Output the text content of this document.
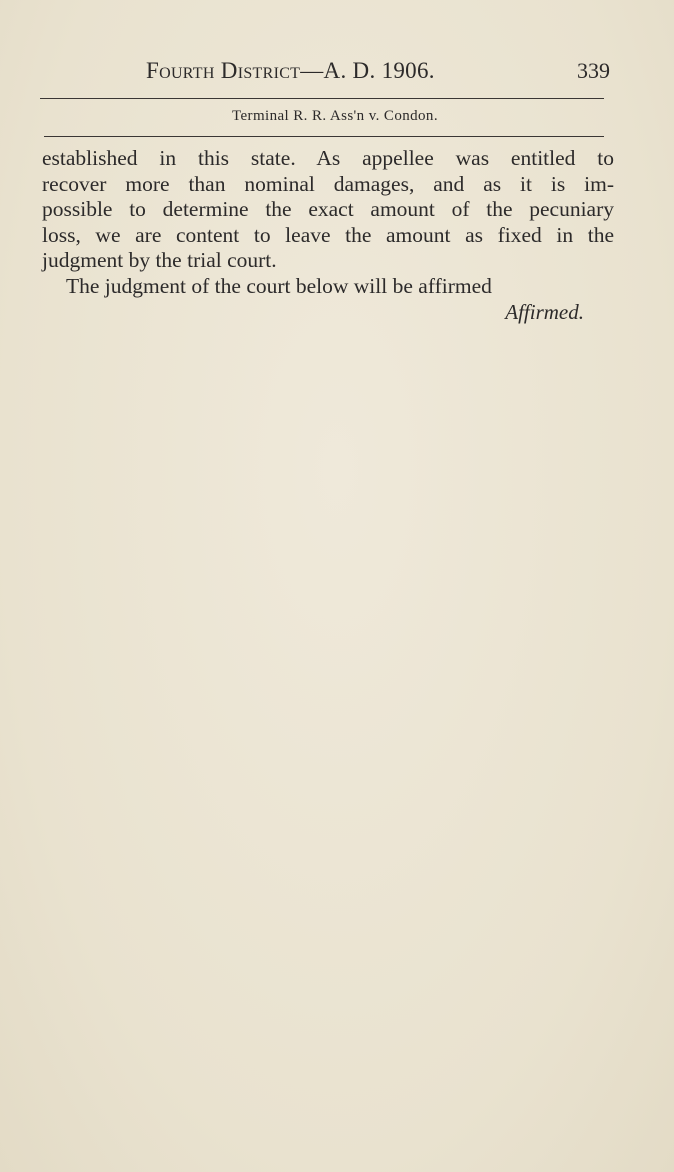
Fourth District—A. D. 1906.	339
Terminal R. R. Ass'n v. Condon.
established in this state. As appellee was entitled to
recover more than nominal damages, and as it is im-
possible to determine the exact amount of the pecuniary
loss, we are content to leave the amount as fixed in the
judgment by the trial court.
The judgment of the court below will be affirmed
Affirmed.
